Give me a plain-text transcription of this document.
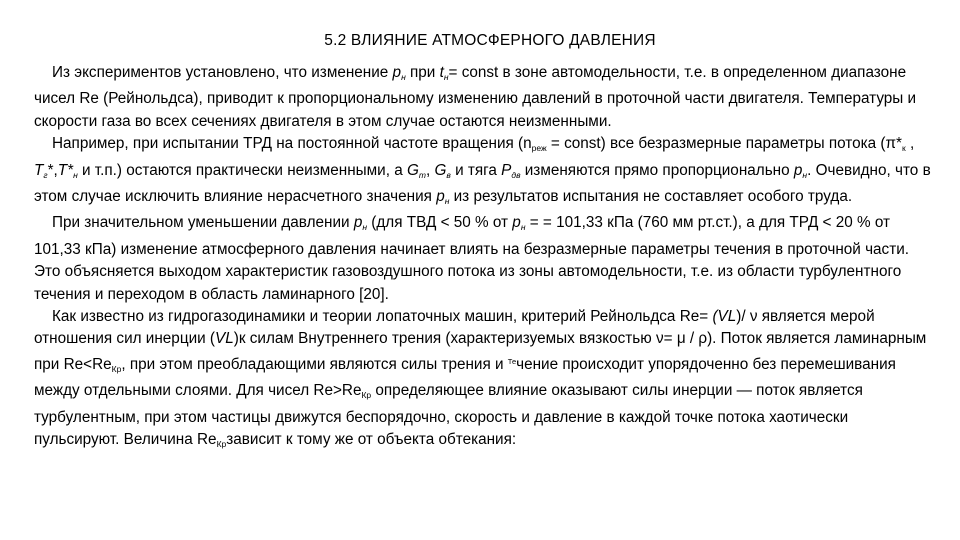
5.2 ВЛИЯНИЕ АТМОСФЕРНОГО ДАВЛЕНИЯ

Из экспериментов установлено, что изменение pн при tн= const в зоне автомодельности, т.е. в определенном диапазоне чисел Re (Рейнольдса), приводит к пропорциональному изменению давлений в проточной части двигателя. Температуры и скорости газа во всех сечениях двигателя в этом случае остаются неизменными.

Например, при испытании ТРД на постоянной частоте вращения ($n_{реж}$ = const) все безразмерные параметры потока ($\pi*_к$ , Tг*,T*н и т.п.) остаются практически неизменными, а Gт, Gв и тяга Pдв изменяются прямо пропорционально pн. Очевидно, что в этом случае исключить влияние нерасчетного значения pн из результатов испытания не составляет особого труда.

При значительном уменьшении давлении pн (для ТВД < 50 % от pн = = 101,33 кПа (760 мм рт.ст.), а для ТРД < 20 % от 101,33 кПа) изменение атмосферного давления начинает влиять на безразмерные параметры течения в проточной части. Это объясняется выходом характеристик газовоздушного потока из зоны автомодельности, т.е. из области турбулентного течения и переходом в область ламинарного [20].

Как известно из гидрогазодинамики и теории лопаточных машин, критерий Рейнольдса Re= (VL)/ ν является мерой отношения сил инерции (VL)к силам Внутреннего трения (характеризуемых вязкостью ν= μ / ρ). Поток является ламинарным при $Re<Re_{Кр}$, при этом преобладающими являются силы трения и $^{Те}$чение происходит упорядоченно без перемешивания между отдельными слоями. Для чисел $Re>Re_{Кр}$ определяющее влияние оказывают силы инерции — поток является турбулентным, при этом частицы движутся беспорядочно, скорость и давление в каждой точке потока хаотически пульсируют. Величина $Re_{Кр}зависит$ к тому же от объекта обтекания:
